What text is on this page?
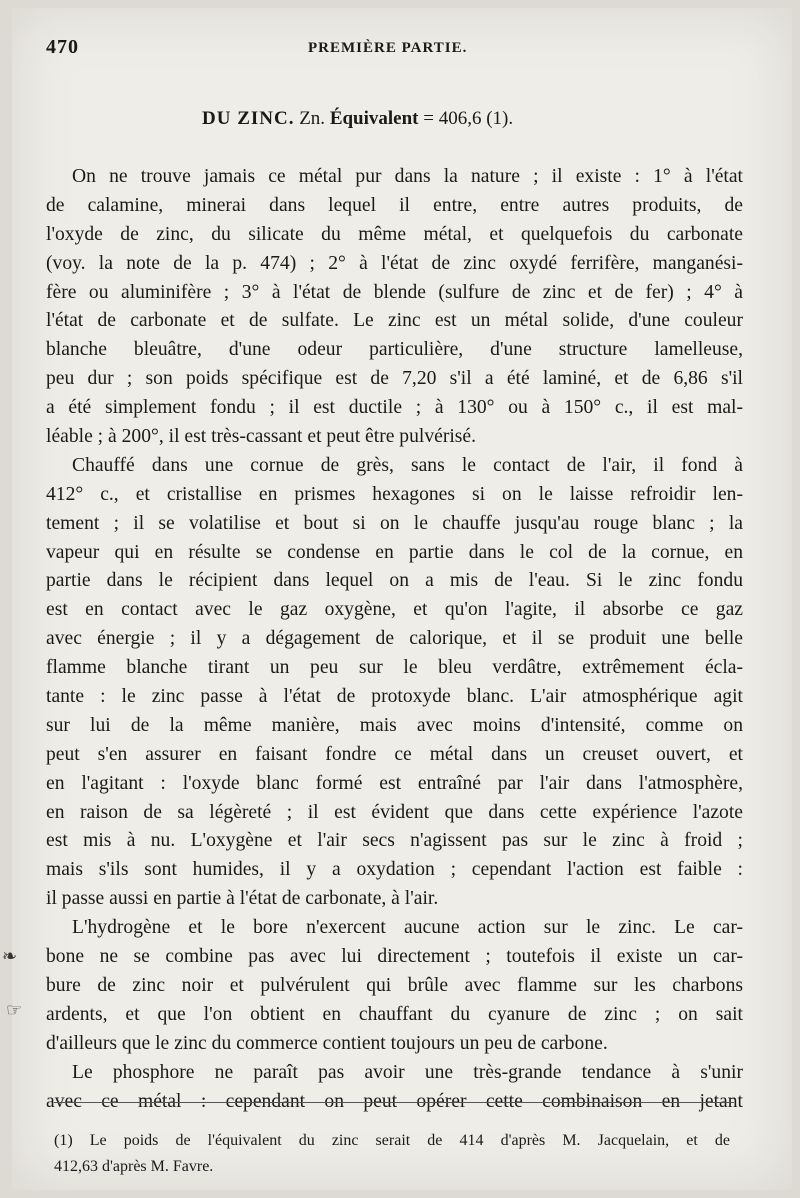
470	PREMIÈRE PARTIE.
DU ZINC. Zn. Équivalent = 406,6 (1).
On ne trouve jamais ce métal pur dans la nature ; il existe : 1° à l'état
de calamine, minerai dans lequel il entre, entre autres produits, de
l'oxyde de zinc, du silicate du même métal, et quelquefois du carbonate
(voy. la note de la p. 474) ; 2° à l'état de zinc oxydé ferrifère, manganési-
fère ou aluminifère ; 3° à l'état de blende (sulfure de zinc et de fer) ; 4° à
l'état de carbonate et de sulfate. Le zinc est un métal solide, d'une couleur
blanche bleuâtre, d'une odeur particulière, d'une structure lamelleuse,
peu dur ; son poids spécifique est de 7,20 s'il a été laminé, et de 6,86 s'il
a été simplement fondu ; il est ductile ; à 130° ou à 150° c., il est mal-
léable ; à 200°, il est très-cassant et peut être pulvérisé.
Chauffé dans une cornue de grès, sans le contact de l'air, il fond à
412° c., et cristallise en prismes hexagones si on le laisse refroidir len-
tement ; il se volatilise et bout si on le chauffe jusqu'au rouge blanc ; la
vapeur qui en résulte se condense en partie dans le col de la cornue, en
partie dans le récipient dans lequel on a mis de l'eau. Si le zinc fondu
est en contact avec le gaz oxygène, et qu'on l'agite, il absorbe ce gaz
avec énergie ; il y a dégagement de calorique, et il se produit une belle
flamme blanche tirant un peu sur le bleu verdâtre, extrêmement écla-
tante : le zinc passe à l'état de protoxyde blanc. L'air atmosphérique agit
sur lui de la même manière, mais avec moins d'intensité, comme on
peut s'en assurer en faisant fondre ce métal dans un creuset ouvert, et
en l'agitant : l'oxyde blanc formé est entraîné par l'air dans l'atmosphère,
en raison de sa légèreté ; il est évident que dans cette expérience l'azote
est mis à nu. L'oxygène et l'air secs n'agissent pas sur le zinc à froid ;
mais s'ils sont humides, il y a oxydation ; cependant l'action est faible :
il passe aussi en partie à l'état de carbonate, à l'air.
L'hydrogène et le bore n'exercent aucune action sur le zinc. Le car-
bone ne se combine pas avec lui directement ; toutefois il existe un car-
bure de zinc noir et pulvérulent qui brûle avec flamme sur les charbons
ardents, et que l'on obtient en chauffant du cyanure de zinc ; on sait
d'ailleurs que le zinc du commerce contient toujours un peu de carbone.
Le phosphore ne paraît pas avoir une très-grande tendance à s'unir
avec ce métal : cependant on peut opérer cette combinaison en jetant
(1) Le poids de l'équivalent du zinc serait de 414 d'après M. Jacquelain, et de
412,63 d'après M. Favre.
❧
☞
